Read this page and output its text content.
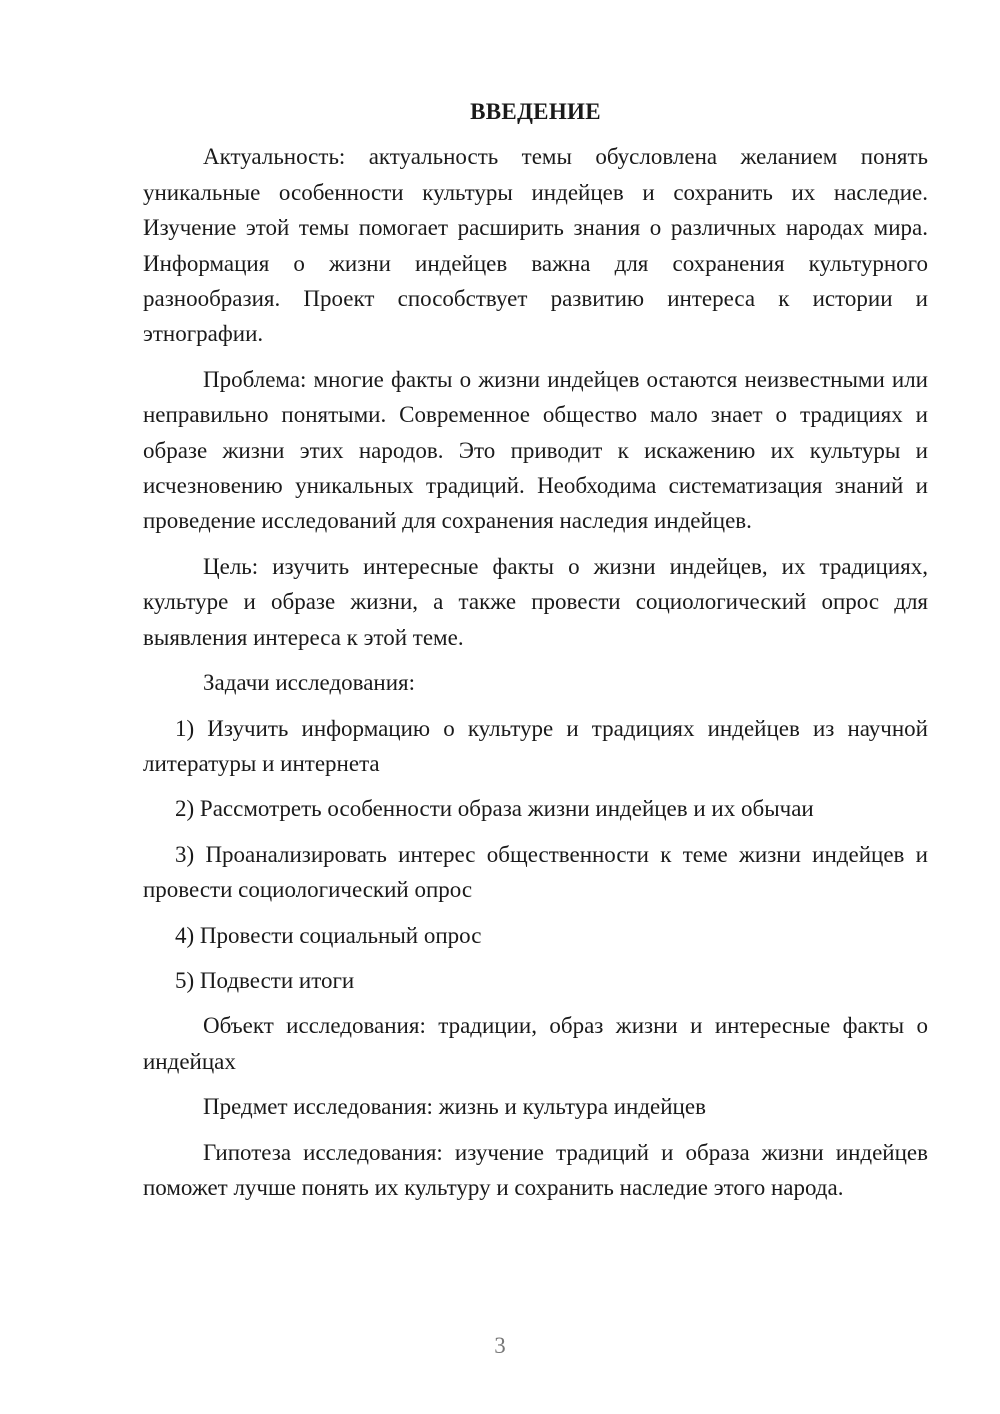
ВВЕДЕНИЕ

Актуальность: актуальность темы обусловлена желанием понять уникальные особенности культуры индейцев и сохранить их наследие. Изучение этой темы помогает расширить знания о различных народах мира. Информация о жизни индейцев важна для сохранения культурного разнообразия. Проект способствует развитию интереса к истории и этнографии.

Проблема: многие факты о жизни индейцев остаются неизвестными или неправильно понятыми. Современное общество мало знает о традициях и образе жизни этих народов. Это приводит к искажению их культуры и исчезновению уникальных традиций. Необходима систематизация знаний и проведение исследований для сохранения наследия индейцев.

Цель: изучить интересные факты о жизни индейцев, их традициях, культуре и образе жизни, а также провести социологический опрос для выявления интереса к этой теме.

Задачи исследования:

1) Изучить информацию о культуре и традициях индейцев из научной литературы и интернета

2) Рассмотреть особенности образа жизни индейцев и их обычаи

3) Проанализировать интерес общественности к теме жизни индейцев и провести социологический опрос

4) Провести социальный опрос

5) Подвести итоги

Объект исследования: традиции, образ жизни и интересные факты о индейцах

Предмет исследования: жизнь и культура индейцев

Гипотеза исследования: изучение традиций и образа жизни индейцев поможет лучше понять их культуру и сохранить наследие этого народа.

3
